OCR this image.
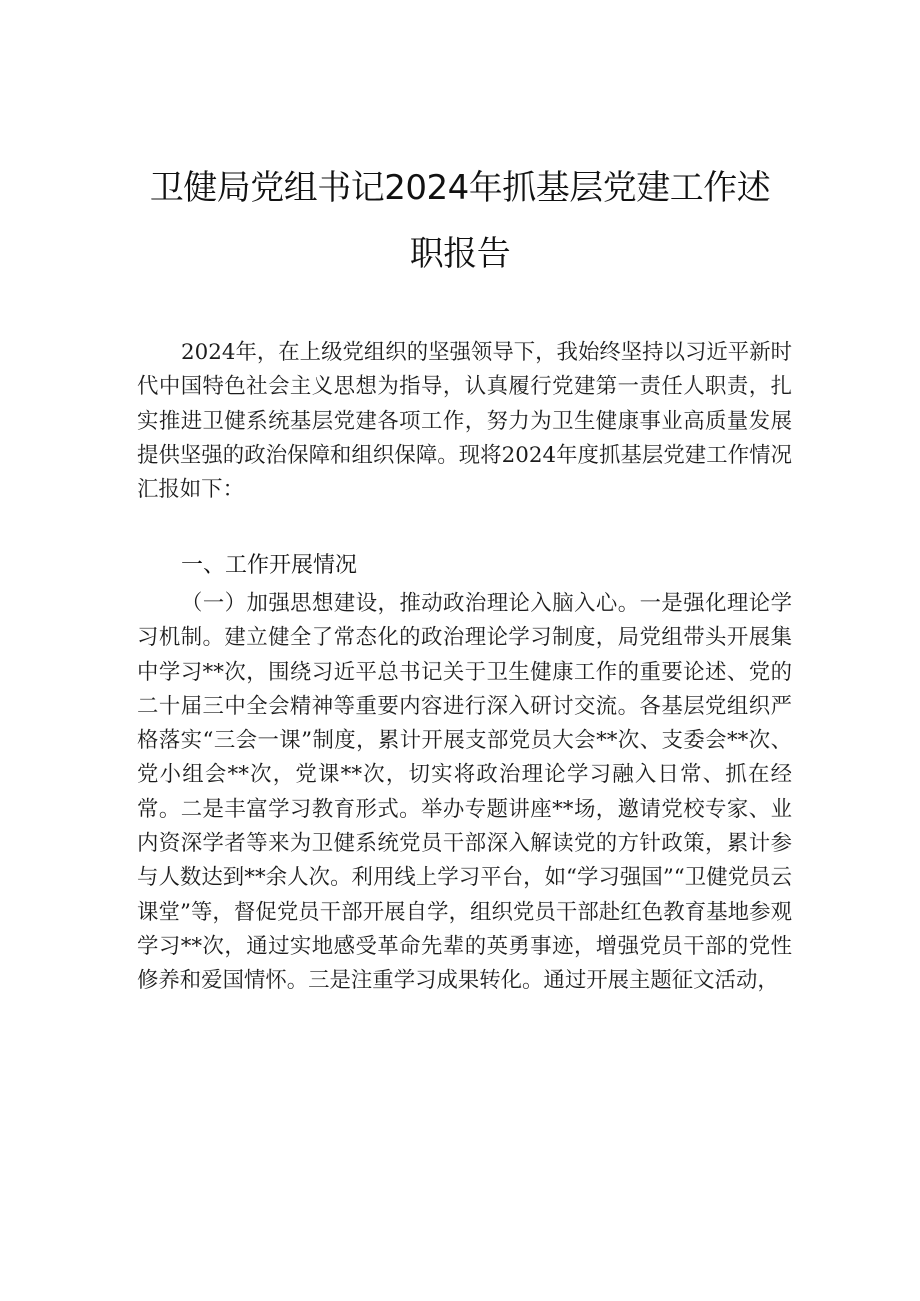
卫健局党组书记2024年抓基层党建工作述
职报告

2024年，在上级党组织的坚强领导下，我始终坚持以习近平新时代中国特色社会主义思想为指导，认真履行党建第一责任人职责，扎实推进卫健系统基层党建各项工作，努力为卫生健康事业高质量发展提供坚强的政治保障和组织保障。现将2024年度抓基层党建工作情况汇报如下：

一、工作开展情况

（一）加强思想建设，推动政治理论入脑入心。一是强化理论学习机制。建立健全了常态化的政治理论学习制度，局党组带头开展集中学习**次，围绕习近平总书记关于卫生健康工作的重要论述、党的二十届三中全会精神等重要内容进行深入研讨交流。各基层党组织严格落实“三会一课”制度，累计开展支部党员大会**次、支委会**次、党小组会**次，党课**次，切实将政治理论学习融入日常、抓在经常。二是丰富学习教育形式。举办专题讲座**场，邀请党校专家、业内资深学者等来为卫健系统党员干部深入解读党的方针政策，累计参与人数达到**余人次。利用线上学习平台，如“学习强国”“卫健党员云课堂”等，督促党员干部开展自学，组织党员干部赴红色教育基地参观学习**次，通过实地感受革命先辈的英勇事迹，增强党员干部的党性修养和爱国情怀。三是注重学习成果转化。通过开展主题征文活动，
